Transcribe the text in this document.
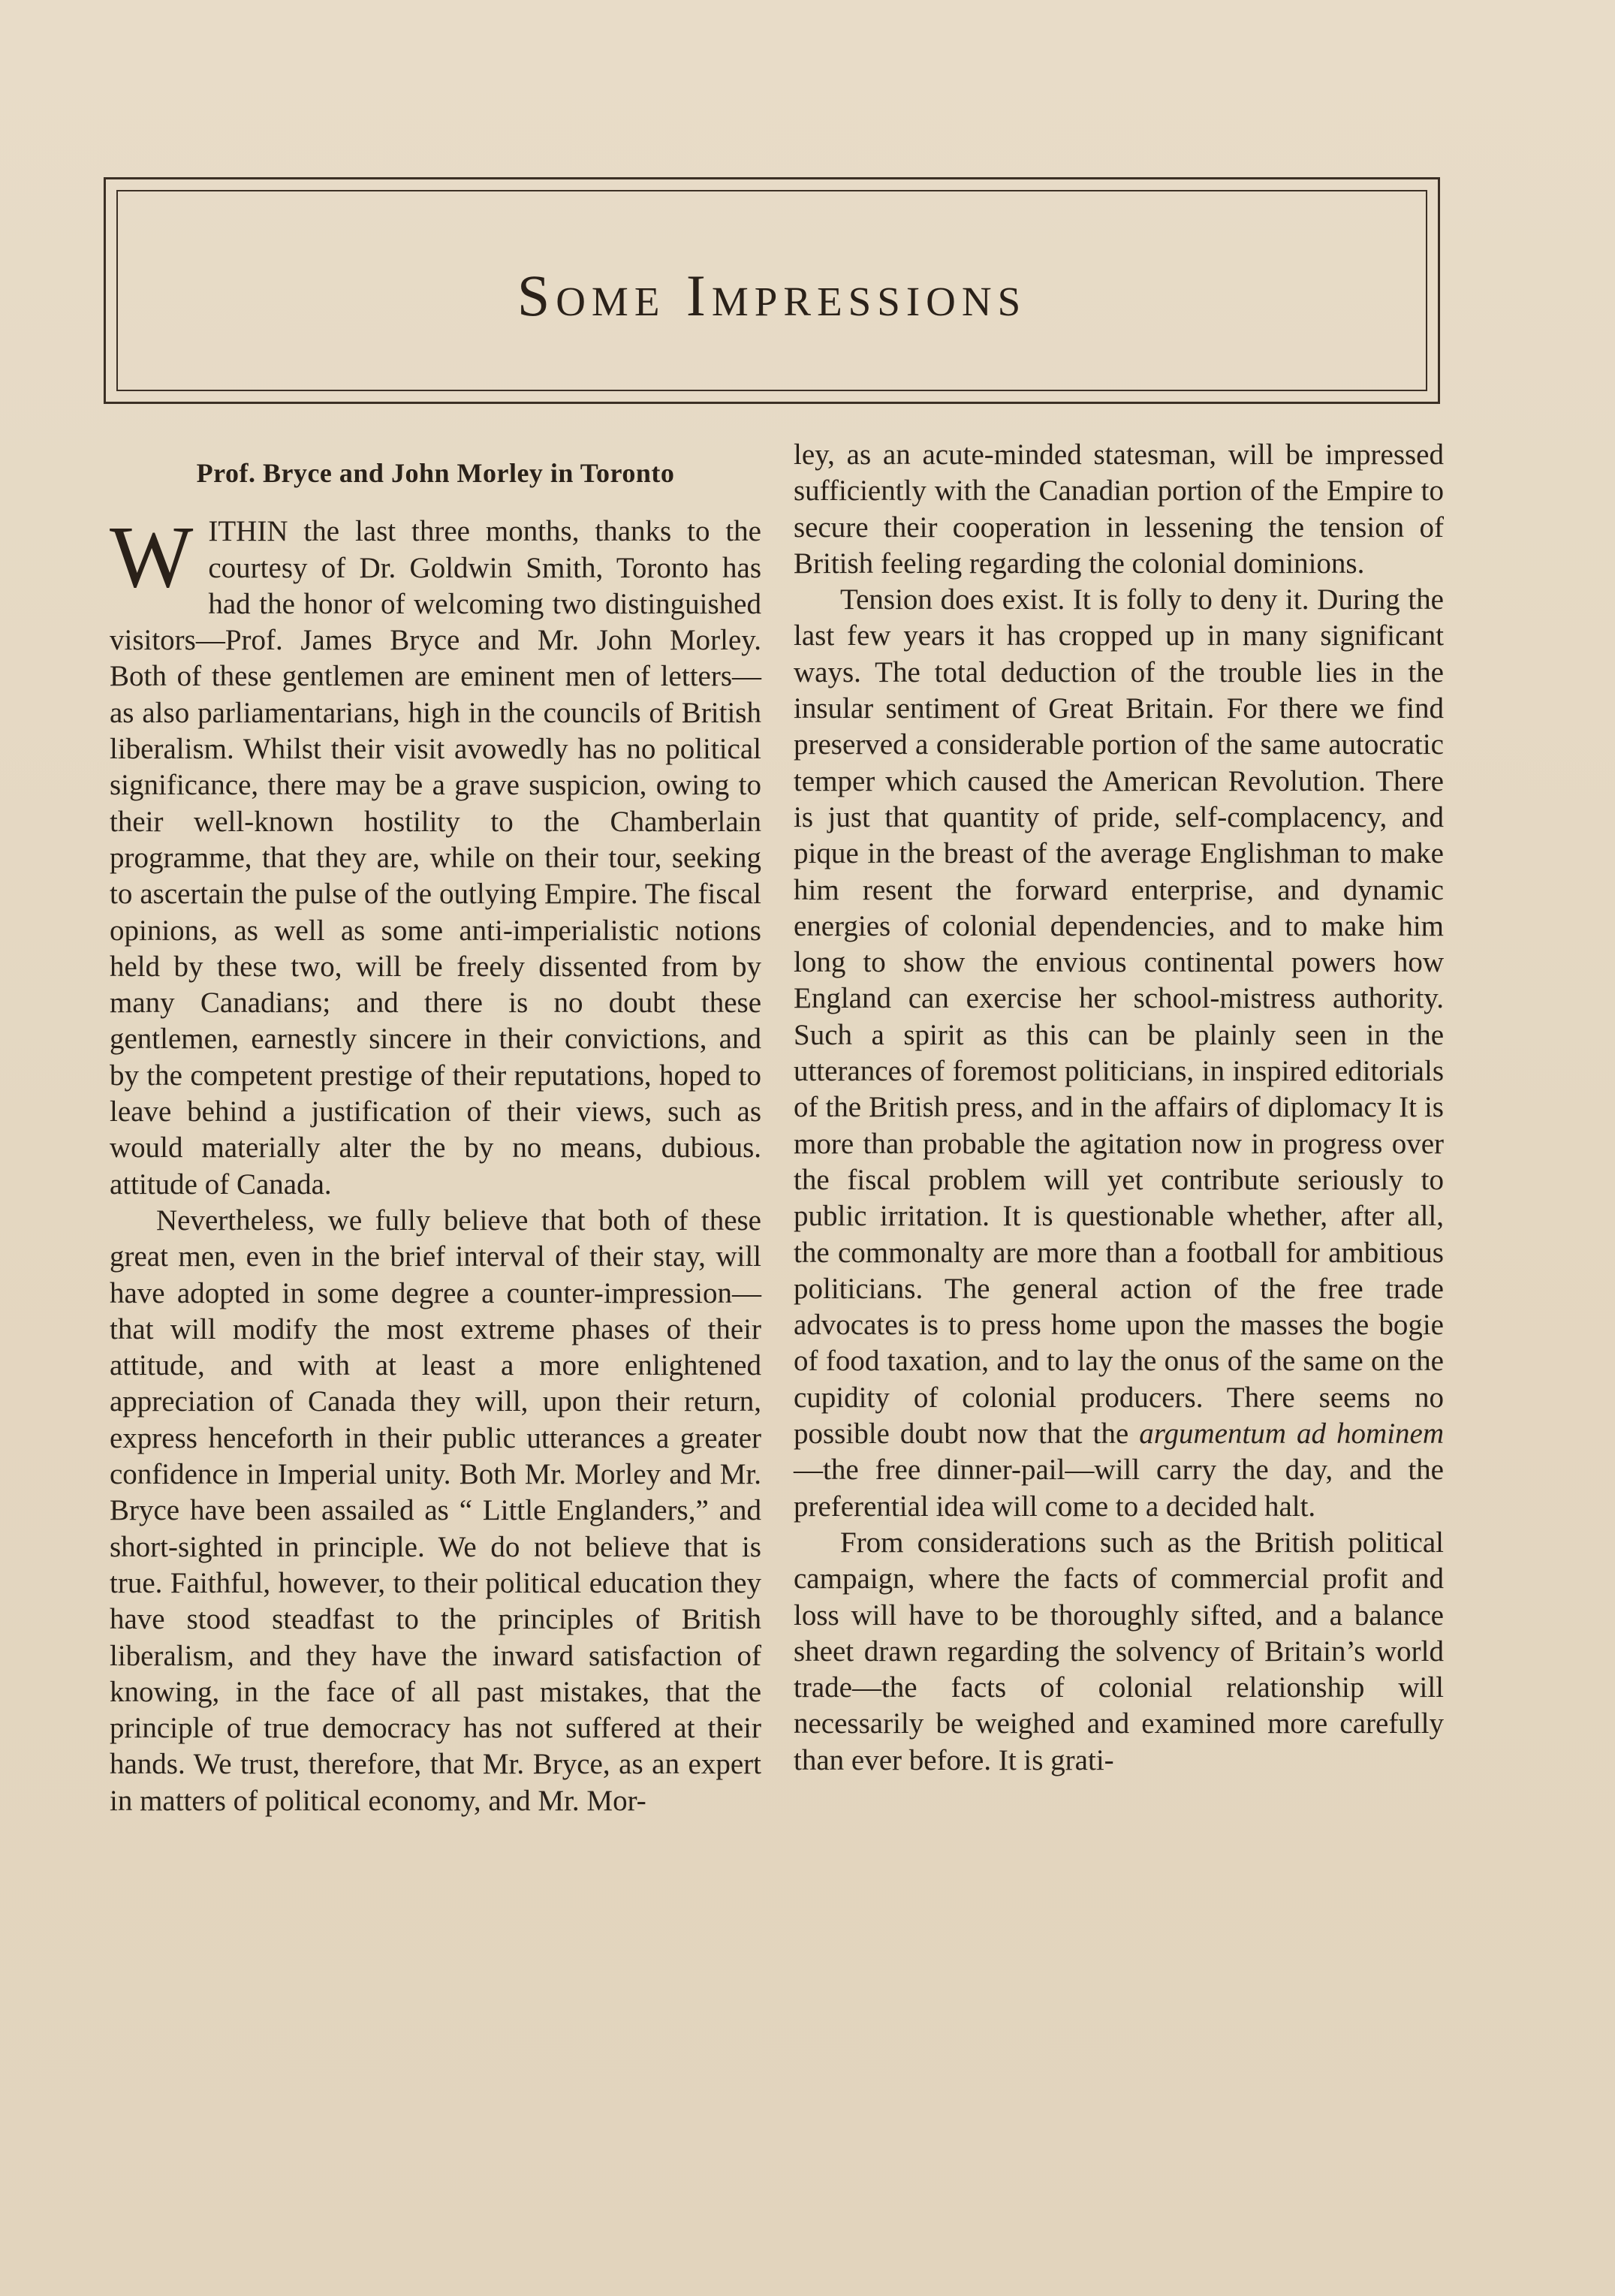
Some Impressions
Prof. Bryce and John Morley in Toronto

WITHIN the last three months, thanks to the courtesy of Dr. Goldwin Smith, Toronto has had the honor of welcoming two distinguished visitors—Prof. James Bryce and Mr. John Morley. Both of these gentlemen are eminent men of letters—as also parliamentarians, high in the councils of British liberalism. Whilst their visit avowedly has no political significance, there may be a grave suspicion, owing to their well-known hostility to the Chamberlain programme, that they are, while on their tour, seeking to ascertain the pulse of the outlying Empire. The fiscal opinions, as well as some anti-imperialistic notions held by these two, will be freely dissented from by many Canadians; and there is no doubt these gentlemen, earnestly sincere in their convictions, and by the competent prestige of their reputations, hoped to leave behind a justification of their views, such as would materially alter the by no means, dubious. attitude of Canada.

Nevertheless, we fully believe that both of these great men, even in the brief interval of their stay, will have adopted in some degree a counter-impression—that will modify the most extreme phases of their attitude, and with at least a more enlightened appreciation of Canada they will, upon their return, express henceforth in their public utterances a greater confidence in Imperial unity. Both Mr. Morley and Mr. Bryce have been assailed as “ Little Englanders,” and short-sighted in principle. We do not believe that is true. Faithful, however, to their political education they have stood steadfast to the principles of British liberalism, and they have the inward satisfaction of knowing, in the face of all past mistakes, that the principle of true democracy has not suffered at their hands. We trust, therefore, that Mr. Bryce, as an expert in matters of political economy, and Mr. Mor-

ley, as an acute-minded statesman, will be impressed sufficiently with the Canadian portion of the Empire to secure their cooperation in lessening the tension of British feeling regarding the colonial dominions.

Tension does exist. It is folly to deny it. During the last few years it has cropped up in many significant ways. The total deduction of the trouble lies in the insular sentiment of Great Britain. For there we find preserved a considerable portion of the same autocratic temper which caused the American Revolution. There is just that quantity of pride, self-complacency, and pique in the breast of the average Englishman to make him resent the forward enterprise, and dynamic energies of colonial dependencies, and to make him long to show the envious continental powers how England can exercise her school-mistress authority. Such a spirit as this can be plainly seen in the utterances of foremost politicians, in inspired editorials of the British press, and in the affairs of diplomacy It is more than probable the agitation now in progress over the fiscal problem will yet contribute seriously to public irritation. It is questionable whether, after all, the commonalty are more than a football for ambitious politicians. The general action of the free trade advocates is to press home upon the masses the bogie of food taxation, and to lay the onus of the same on the cupidity of colonial producers. There seems no possible doubt now that the argumentum ad hominem—the free dinner-pail—will carry the day, and the preferential idea will come to a decided halt.

From considerations such as the British political campaign, where the facts of commercial profit and loss will have to be thoroughly sifted, and a balance sheet drawn regarding the solvency of Britain’s world trade—the facts of colonial relationship will necessarily be weighed and examined more carefully than ever before. It is grati-
